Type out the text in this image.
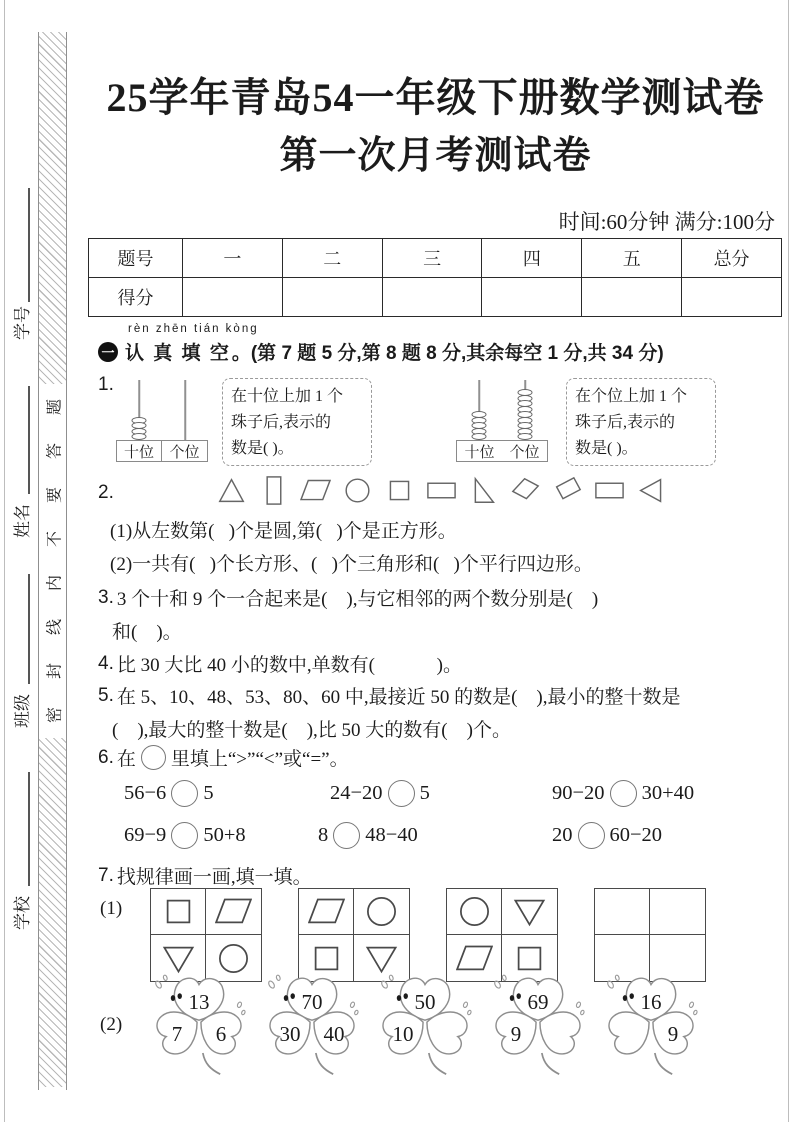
学号
姓名
班级
学校
题
答
要
不
内
线
封
密
25学年青岛54一年级下册数学测试卷
第一次月考测试卷
时间:60分钟 满分:100分
题号	一	二	三	四	五	总分
得分						
rèn zhēn tián kòng
一 认 真 填 空 。(第 7 题 5 分,第 8 题 8 分,其余每空 1 分,共 34 分)
1.
十位	个位
在十位上加 1 个
珠子后,表示的
数是( )。	十位 个位
在个位上加 1 个
珠子后,表示的
数是( )。
2.
(1)从左数第(   )个是圆,第(   )个是正方形。
(2)一共有(   )个长方形、(   )个三角形和(   )个平行四边形。
3. 3 个十和 9 个一合起来是(    ),与它相邻的两个数分别是(    )
和(    )。
4. 比 30 大比 40 小的数中,单数有(             )。
5. 在 5、10、48、53、80、60 中,最接近 50 的数是(    ),最小的整十数是
(    ),最大的整十数是(    ),比 50 大的数有(    )个。
6. 在 里填上“>”“<”或“=”。
56−6 5	24−20 5	90−20 30+40
69−9 50+8	8 48−40	20 60−20
7. 找规律画一画,填一填。
(1)
(2)
13
7	6
70
30	40
50
10
69
9
16
9
